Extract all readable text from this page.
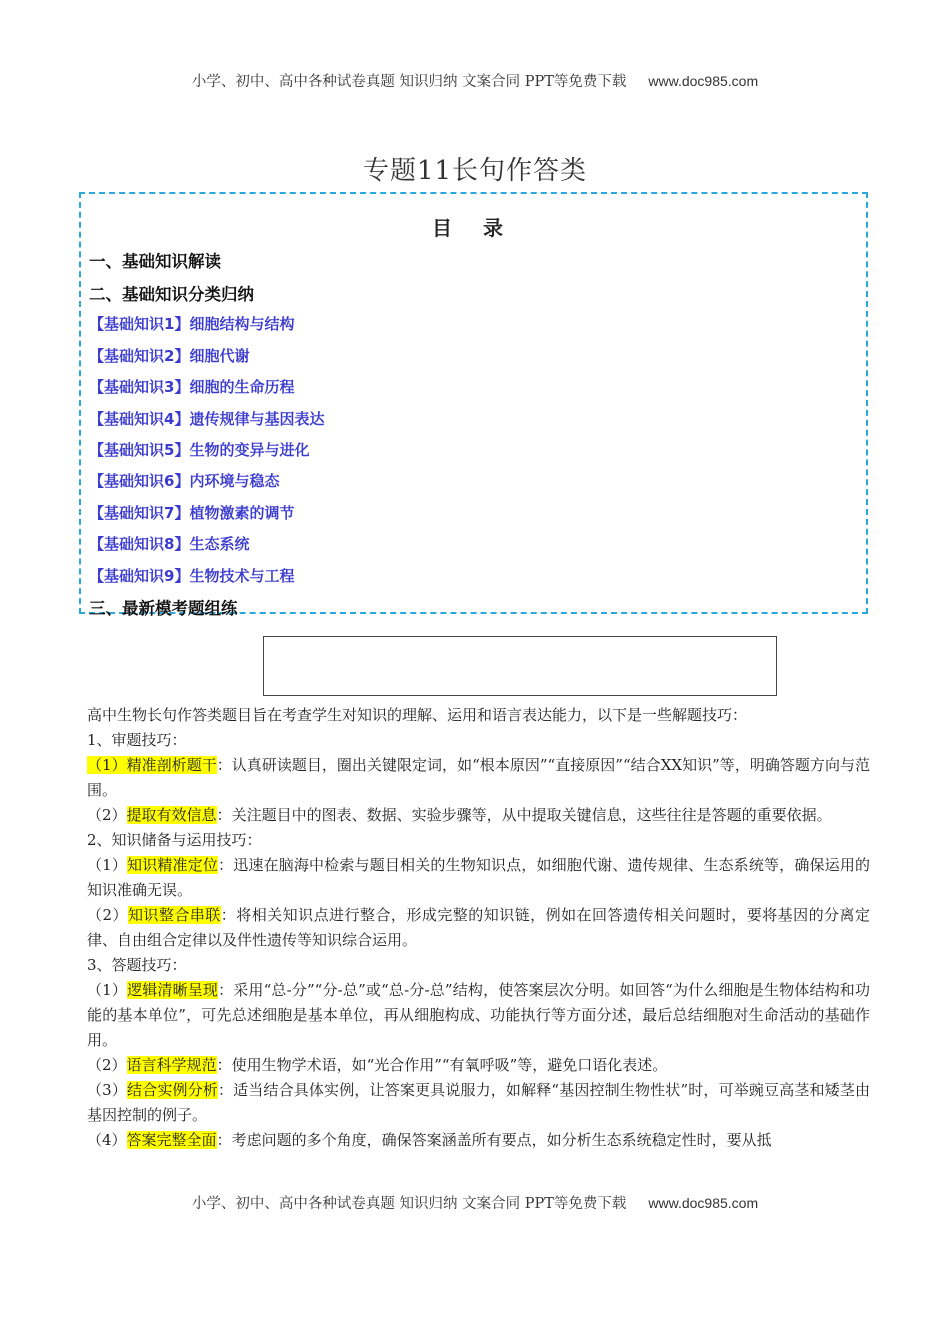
小学、初中、高中各种试卷真题 知识归纳 文案合同 PPT等免费下载 www.doc985.com
专题11长句作答类
目 录
一、基础知识解读
二、基础知识分类归纳
【基础知识1】细胞结构与结构
【基础知识2】细胞代谢
【基础知识3】细胞的生命历程
【基础知识4】遗传规律与基因表达
【基础知识5】生物的变异与进化
【基础知识6】内环境与稳态
【基础知识7】植物激素的调节
【基础知识8】生态系统
【基础知识9】生物技术与工程
三、最新模考题组练

高中生物长句作答类题目旨在考查学生对知识的理解、运用和语言表达能力，以下是一些解题技巧：

1、审题技巧：

（1）精准剖析题干：认真研读题目，圈出关键限定词，如“根本原因”“直接原因”“结合XX知识”等，明确答题方向与范围。

（2）提取有效信息：关注题目中的图表、数据、实验步骤等，从中提取关键信息，这些往往是答题的重要依据。

2、知识储备与运用技巧：

（1）知识精准定位：迅速在脑海中检索与题目相关的生物知识点，如细胞代谢、遗传规律、生态系统等，确保运用的知识准确无误。

（2）知识整合串联：将相关知识点进行整合，形成完整的知识链，例如在回答遗传相关问题时，要将基因的分离定律、自由组合定律以及伴性遗传等知识综合运用。

3、答题技巧：

（1）逻辑清晰呈现：采用“总-分”“分-总”或“总-分-总”结构，使答案层次分明。如回答“为什么细胞是生物体结构和功能的基本单位”，可先总述细胞是基本单位，再从细胞构成、功能执行等方面分述，最后总结细胞对生命活动的基础作用。

（2）语言科学规范：使用生物学术语，如“光合作用”“有氧呼吸”等，避免口语化表述。

（3）结合实例分析：适当结合具体实例，让答案更具说服力，如解释“基因控制生物性状”时，可举豌豆高茎和矮茎由基因控制的例子。

（4）答案完整全面：考虑问题的多个角度，确保答案涵盖所有要点，如分析生态系统稳定性时，要从抵

小学、初中、高中各种试卷真题 知识归纳 文案合同 PPT等免费下载 www.doc985.com
